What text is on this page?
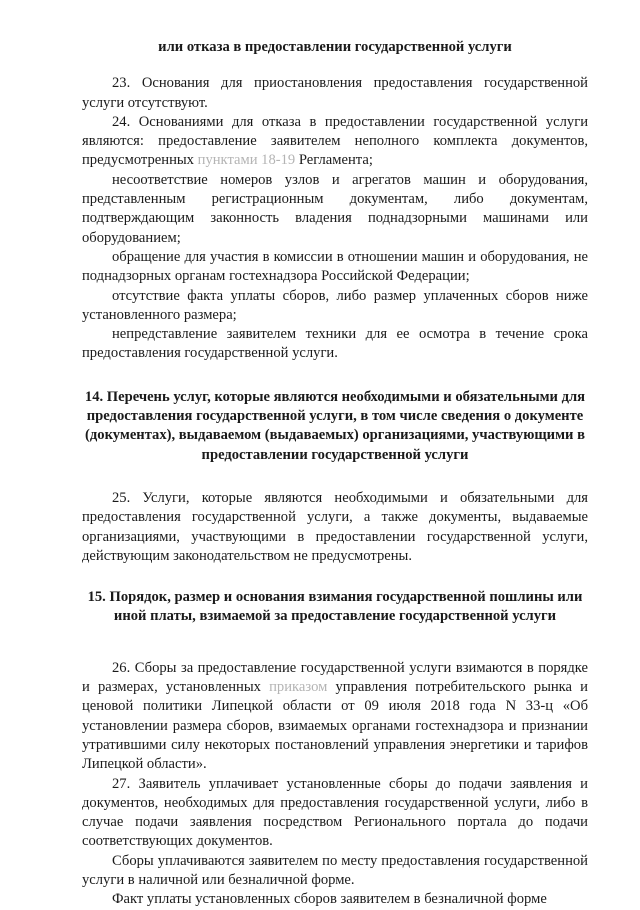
или отказа в предоставлении государственной услуги

23. Основания для приостановления предоставления государственной услуги отсутствуют.

24. Основаниями для отказа в предоставлении государственной услуги являются: предоставление заявителем неполного комплекта документов, предусмотренных пунктами 18-19 Регламента;

несоответствие номеров узлов и агрегатов машин и оборудования, представленным регистрационным документам, либо документам, подтверждающим законность владения поднадзорными машинами или оборудованием;

обращение для участия в комиссии в отношении машин и оборудования, не поднадзорных органам гостехнадзора Российской Федерации;

отсутствие факта уплаты сборов, либо размер уплаченных сборов ниже установленного размера;

непредставление заявителем техники для ее осмотра в течение срока предоставления государственной услуги.

14. Перечень услуг, которые являются необходимыми и обязательными для предоставления государственной услуги, в том числе сведения о документе (документах), выдаваемом (выдаваемых) организациями, участвующими в предоставлении государственной услуги

25. Услуги, которые являются необходимыми и обязательными для предоставления государственной услуги, а также документы, выдаваемые организациями, участвующими в предоставлении государственной услуги, действующим законодательством не предусмотрены.

15. Порядок, размер и основания взимания государственной пошлины или иной платы, взимаемой за предоставление государственной услуги

26. Сборы за предоставление государственной услуги взимаются в порядке и размерах, установленных приказом управления потребительского рынка и ценовой политики Липецкой области от 09 июля 2018 года N 33-ц «Об установлении размера сборов, взимаемых органами гостехнадзора и признании утратившими силу некоторых постановлений управления энергетики и тарифов Липецкой области».

27. Заявитель уплачивает установленные сборы до подачи заявления и документов, необходимых для предоставления государственной услуги, либо в случае подачи заявления посредством Регионального портала до подачи соответствующих документов.

Сборы уплачиваются заявителем по месту предоставления государственной услуги в наличной или безналичной форме.

Факт уплаты установленных сборов заявителем в безналичной форме
